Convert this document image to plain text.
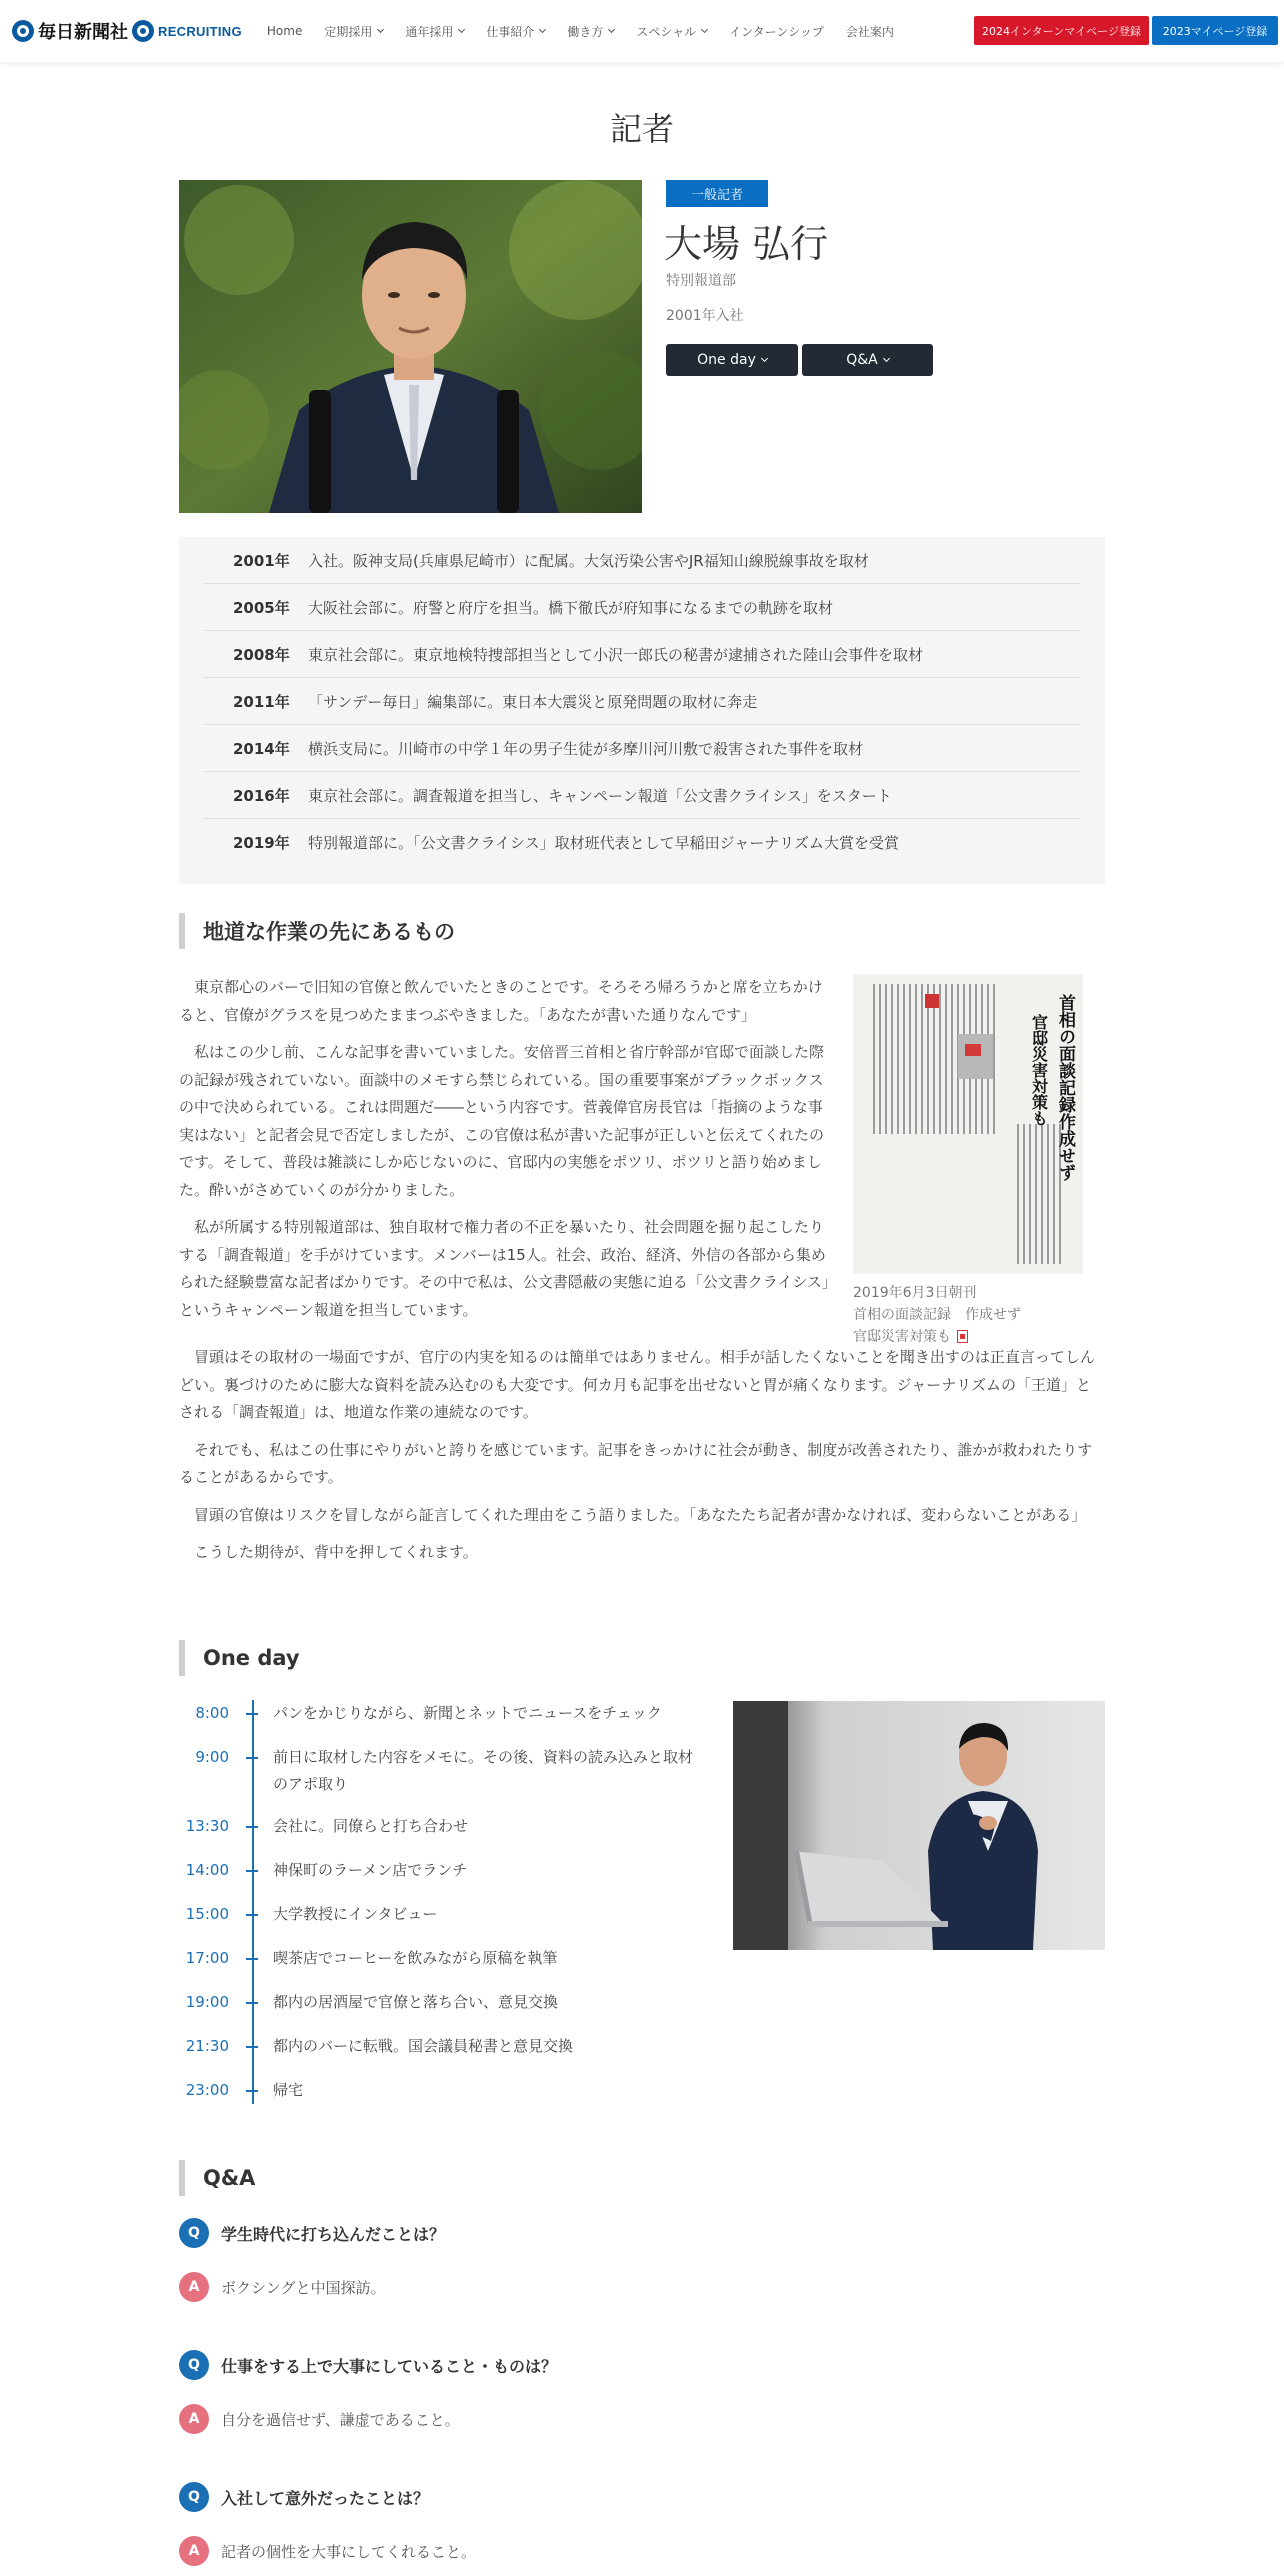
毎日新聞社 RECRUITING Home 定期採用	通年採用	仕事紹介	働き方	スペシャル	インターンシップ 会社案内	2024インターンマイページ登録	2023マイページ登録
記者
一般記者
大場 弘行
特別報道部
2001年入社
One day	Q&A
2001年	入社。阪神支局(兵庫県尼崎市）に配属。大気汚染公害やJR福知山線脱線事故を取材
2005年	大阪社会部に。府警と府庁を担当。橋下徹氏が府知事になるまでの軌跡を取材
2008年	東京社会部に。東京地検特捜部担当として小沢一郎氏の秘書が逮捕された陸山会事件を取材
2011年	「サンデー毎日」編集部に。東日本大震災と原発問題の取材に奔走
2014年	横浜支局に。川崎市の中学１年の男子生徒が多摩川河川敷で殺害された事件を取材
2016年	東京社会部に。調査報道を担当し、キャンペーン報道「公文書クライシス」をスタート
2019年	特別報道部に。「公文書クライシス」取材班代表として早稲田ジャーナリズム大賞を受賞
地道な作業の先にあるもの

東京都心のバーで旧知の官僚と飲んでいたときのことです。そろそろ帰ろうかと席を立ちかけると、官僚がグラスを見つめたままつぶやきました。「あなたが書いた通りなんです」

私はこの少し前、こんな記事を書いていました。安倍晋三首相と省庁幹部が官邸で面談した際の記録が残されていない。面談中のメモすら禁じられている。国の重要事案がブラックボックスの中で決められている。これは問題だ――という内容です。菅義偉官房長官は「指摘のような事実はない」と記者会見で否定しましたが、この官僚は私が書いた記事が正しいと伝えてくれたのです。そして、普段は雑談にしか応じないのに、官邸内の実態をポツリ、ポツリと語り始めました。酔いがさめていくのが分かりました。

私が所属する特別報道部は、独自取材で権力者の不正を暴いたり、社会問題を掘り起こしたりする「調査報道」を手がけています。メンバーは15人。社会、政治、経済、外信の各部から集められた経験豊富な記者ばかりです。その中で私は、公文書隠蔽の実態に迫る「公文書クライシス」というキャンペーン報道を担当しています。

首相の面談記録作成せず
官邸災害対策も
2019年6月3日朝刊
首相の面談記録　作成せず
官邸災害対策も

冒頭はその取材の一場面ですが、官庁の内実を知るのは簡単ではありません。相手が話したくないことを聞き出すのは正直言ってしんどい。裏づけのために膨大な資料を読み込むのも大変です。何カ月も記事を出せないと胃が痛くなります。ジャーナリズムの「王道」とされる「調査報道」は、地道な作業の連続なのです。

それでも、私はこの仕事にやりがいと誇りを感じています。記事をきっかけに社会が動き、制度が改善されたり、誰かが救われたりすることがあるからです。

冒頭の官僚はリスクを冒しながら証言してくれた理由をこう語りました。「あなたたち記者が書かなければ、変わらないことがある」

こうした期待が、背中を押してくれます。

One day
8:00	パンをかじりながら、新聞とネットでニュースをチェック
9:00	前日に取材した内容をメモに。その後、資料の読み込みと取材のアポ取り
13:30	会社に。同僚らと打ち合わせ
14:00	神保町のラーメン店でランチ
15:00	大学教授にインタビュー
17:00	喫茶店でコーヒーを飲みながら原稿を執筆
19:00	都内の居酒屋で官僚と落ち合い、意見交換
21:30	都内のバーに転戦。国会議員秘書と意見交換
23:00	帰宅
Q&A
Q	学生時代に打ち込んだことは？
A	ボクシングと中国探訪。
Q	仕事をする上で大事にしていること・ものは？
A	自分を過信せず、謙虚であること。
Q	入社して意外だったことは？
A	記者の個性を大事にしてくれること。
